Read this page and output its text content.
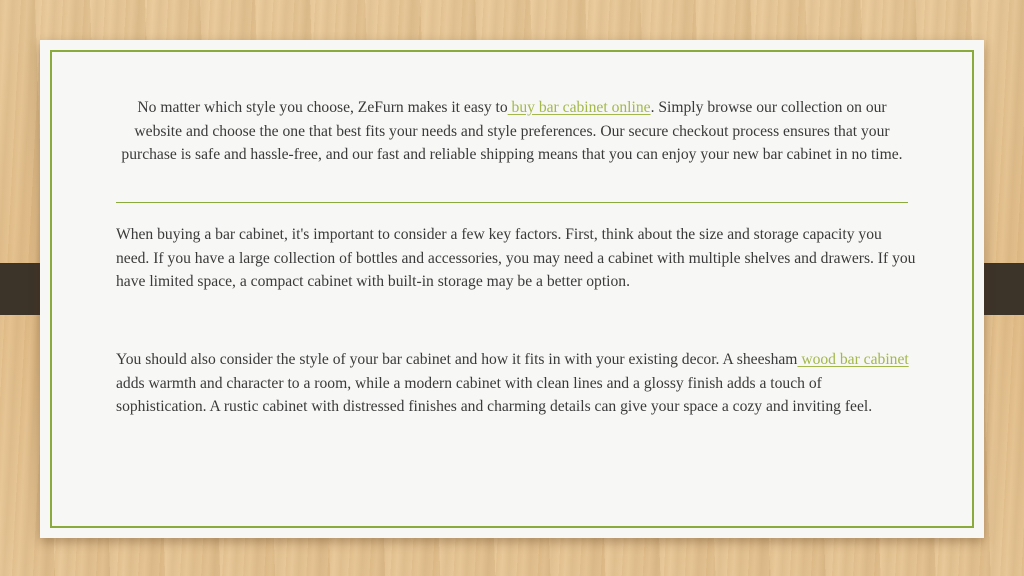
No matter which style you choose, ZeFurn makes it easy to buy bar cabinet online. Simply browse our collection on our website and choose the one that best fits your needs and style preferences. Our secure checkout process ensures that your purchase is safe and hassle-free, and our fast and reliable shipping means that you can enjoy your new bar cabinet in no time.

When buying a bar cabinet, it's important to consider a few key factors. First, think about the size and storage capacity you need. If you have a large collection of bottles and accessories, you may need a cabinet with multiple shelves and drawers. If you have limited space, a compact cabinet with built-in storage may be a better option.

You should also consider the style of your bar cabinet and how it fits in with your existing decor. A sheesham wood bar cabinet adds warmth and character to a room, while a modern cabinet with clean lines and a glossy finish adds a touch of sophistication. A rustic cabinet with distressed finishes and charming details can give your space a cozy and inviting feel.
